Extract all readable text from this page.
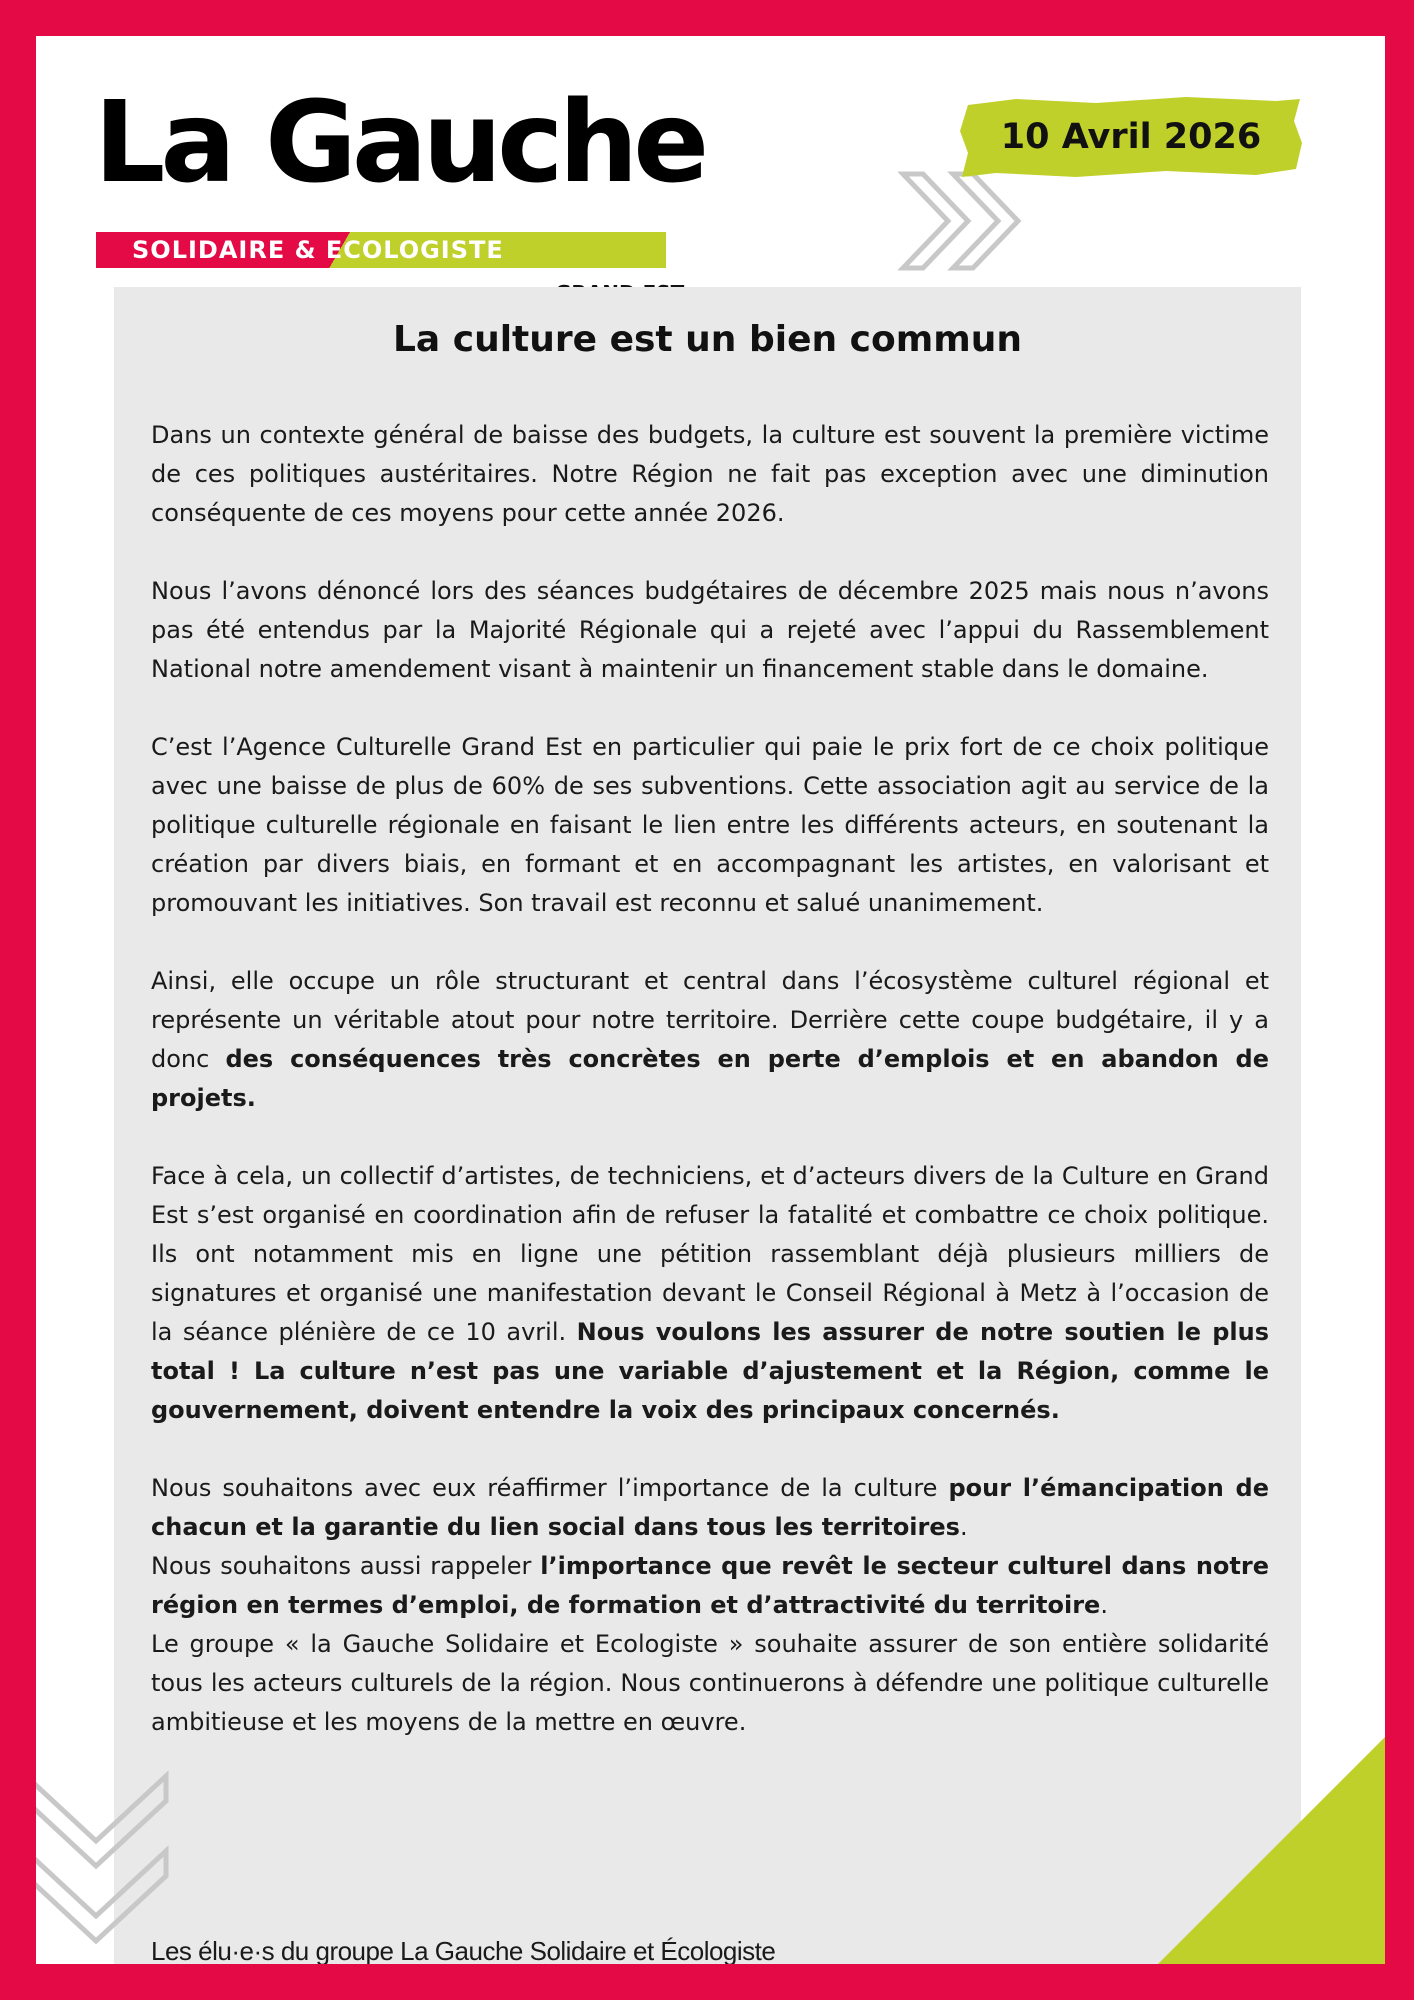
La Gauche
SOLIDAIRE & ECOLOGISTE
10 Avril 2026
La culture est un bien commun

Dans un contexte général de baisse des budgets, la culture est souvent la première victime de ces politiques austéritaires. Notre Région ne fait pas exception avec une diminution conséquente de ces moyens pour cette année 2026.

Nous l’avons dénoncé lors des séances budgétaires de décembre 2025 mais nous n’avons pas été entendus par la Majorité Régionale qui a rejeté avec l’appui du Rassemblement National notre amendement visant à maintenir un financement stable dans le domaine.

C’est l’Agence Culturelle Grand Est en particulier qui paie le prix fort de ce choix politique avec une baisse de plus de 60% de ses subventions. Cette association agit au service de la politique culturelle régionale en faisant le lien entre les différents acteurs, en soutenant la création par divers biais, en formant et en accompagnant les artistes, en valorisant et promouvant les initiatives. Son travail est reconnu et salué unanimement.

Ainsi, elle occupe un rôle structurant et central dans l’écosystème culturel régional et représente un véritable atout pour notre territoire. Derrière cette coupe budgétaire, il y a donc des conséquences très concrètes en perte d’emplois et en abandon de projets.

Face à cela, un collectif d’artistes, de techniciens, et d’acteurs divers de la Culture en Grand Est s’est organisé en coordination afin de refuser la fatalité et combattre ce choix politique. Ils ont notamment mis en ligne une pétition rassemblant déjà plusieurs milliers de signatures et organisé une manifestation devant le Conseil Régional à Metz à l’occasion de la séance plénière de ce 10 avril. Nous voulons les assurer de notre soutien le plus total ! La culture n’est pas une variable d’ajustement et la Région, comme le gouvernement, doivent entendre la voix des principaux concernés.

Nous souhaitons avec eux réaffirmer l’importance de la culture pour l’émancipation de chacun et la garantie du lien social dans tous les territoires.

Nous souhaitons aussi rappeler l’importance que revêt le secteur culturel dans notre région en termes d’emploi, de formation et d’attractivité du territoire.

Le groupe « la Gauche Solidaire et Ecologiste » souhaite assurer de son entière solidarité tous les acteurs culturels de la région. Nous continuerons à défendre une politique culturelle ambitieuse et les moyens de la mettre en œuvre.

Les élu·e·s du groupe La Gauche Solidaire et Écologiste
